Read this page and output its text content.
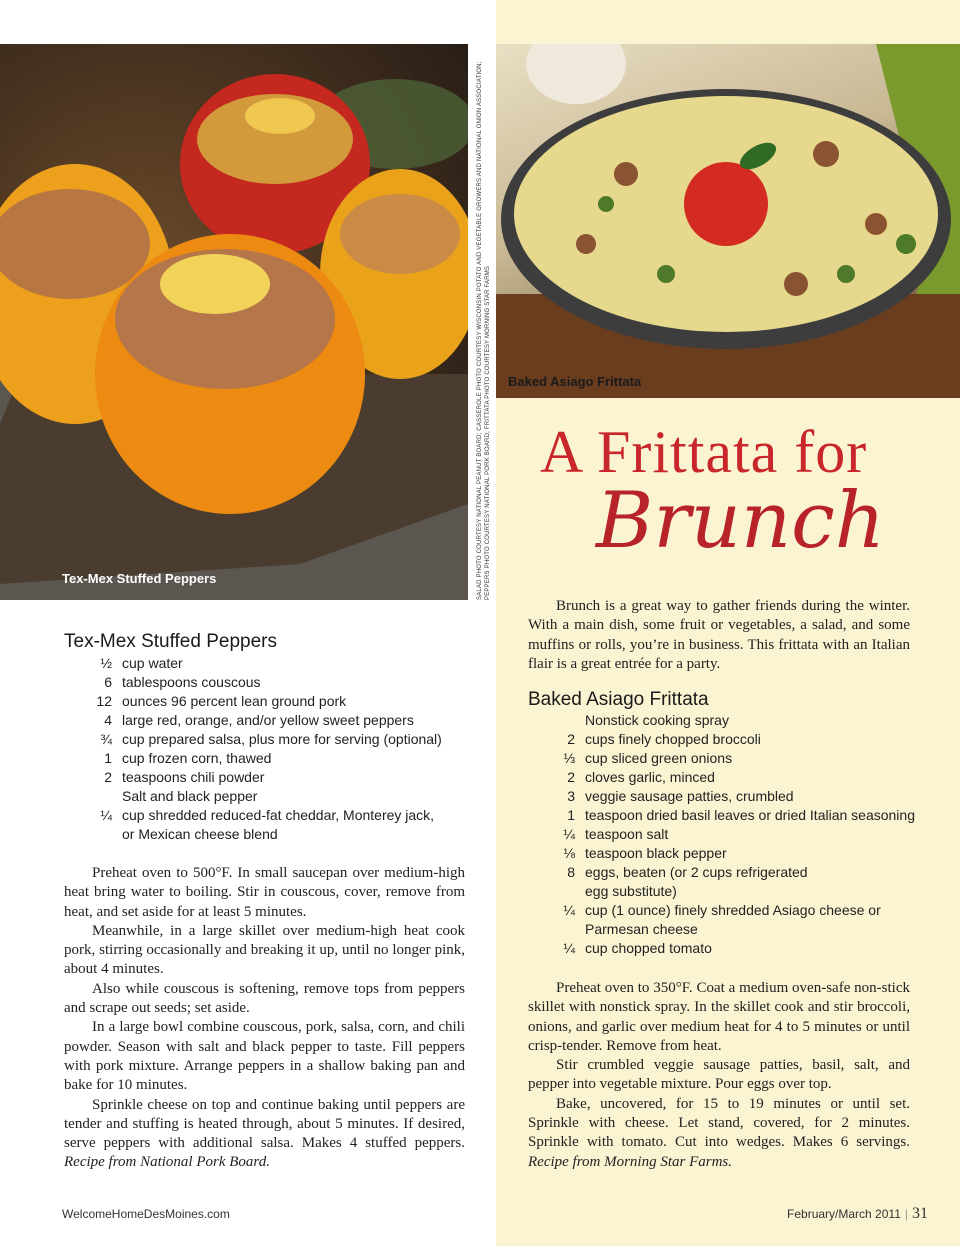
Tex-Mex Stuffed Peppers
Baked Asiago Frittata
SALAD PHOTO COURTESY NATIONAL PEANUT BOARD; CASSEROLE PHOTO COURTESY WISCONSIN POTATO AND VEGETABLE GROWERS AND NATIONAL ONION ASSOCIATION; PEPPERS PHOTO COURTESY NATIONAL PORK BOARD; FRITTATA PHOTO COURTESY MORNING STAR FARMS A Frittata for
Brunch

Brunch is a great way to gather friends during the winter. With a main dish, some fruit or vegetables, a salad, and some muffins or rolls, you’re in business. This frittata with an Italian flair is a great entrée for a party.

Tex-Mex Stuffed Peppers
½ cup water
6 tablespoons couscous
12 ounces 96 percent lean ground pork
4 large red, orange, and/or yellow sweet peppers
¾ cup prepared salsa, plus more for serving (optional)
1 cup frozen corn, thawed
2 teaspoons chili powder
Salt and black pepper
¼ cup shredded reduced-fat cheddar, Monterey jack,
or Mexican cheese blend

Preheat oven to 500°F. In small saucepan over medium-high heat bring water to boiling. Stir in couscous, cover, remove from heat, and set aside for at least 5 minutes.

Meanwhile, in a large skillet over medium-high heat cook pork, stirring occasionally and breaking it up, until no longer pink, about 4 minutes.

Also while couscous is softening, remove tops from peppers and scrape out seeds; set aside.

In a large bowl combine couscous, pork, salsa, corn, and chili powder. Season with salt and black pepper to taste. Fill peppers with pork mixture. Arrange peppers in a shallow baking pan and bake for 10 minutes.

Sprinkle cheese on top and continue baking until peppers are tender and stuffing is heated through, about 5 minutes. If desired, serve peppers with additional salsa. Makes 4 stuffed peppers. Recipe from National Pork Board.

Baked Asiago Frittata
Nonstick cooking spray
2 cups finely chopped broccoli
⅓ cup sliced green onions
2 cloves garlic, minced
3 veggie sausage patties, crumbled
1 teaspoon dried basil leaves or dried Italian seasoning
¼ teaspoon salt
⅛ teaspoon black pepper
8 eggs, beaten (or 2 cups refrigerated
egg substitute)
¼ cup (1 ounce) finely shredded Asiago cheese or
Parmesan cheese
¼ cup chopped tomato

Preheat oven to 350°F. Coat a medium oven-safe non-stick skillet with nonstick spray. In the skillet cook and stir broccoli, onions, and garlic over medium heat for 4 to 5 minutes or until crisp-tender. Remove from heat.

Stir crumbled veggie sausage patties, basil, salt, and pepper into vegetable mixture. Pour eggs over top.

Bake, uncovered, for 15 to 19 minutes or until set. Sprinkle with cheese. Let stand, covered, for 2 minutes. Sprinkle with tomato. Cut into wedges. Makes 6 servings. Recipe from Morning Star Farms.

WelcomeHomeDesMoines.com	February/March 2011 | 31
